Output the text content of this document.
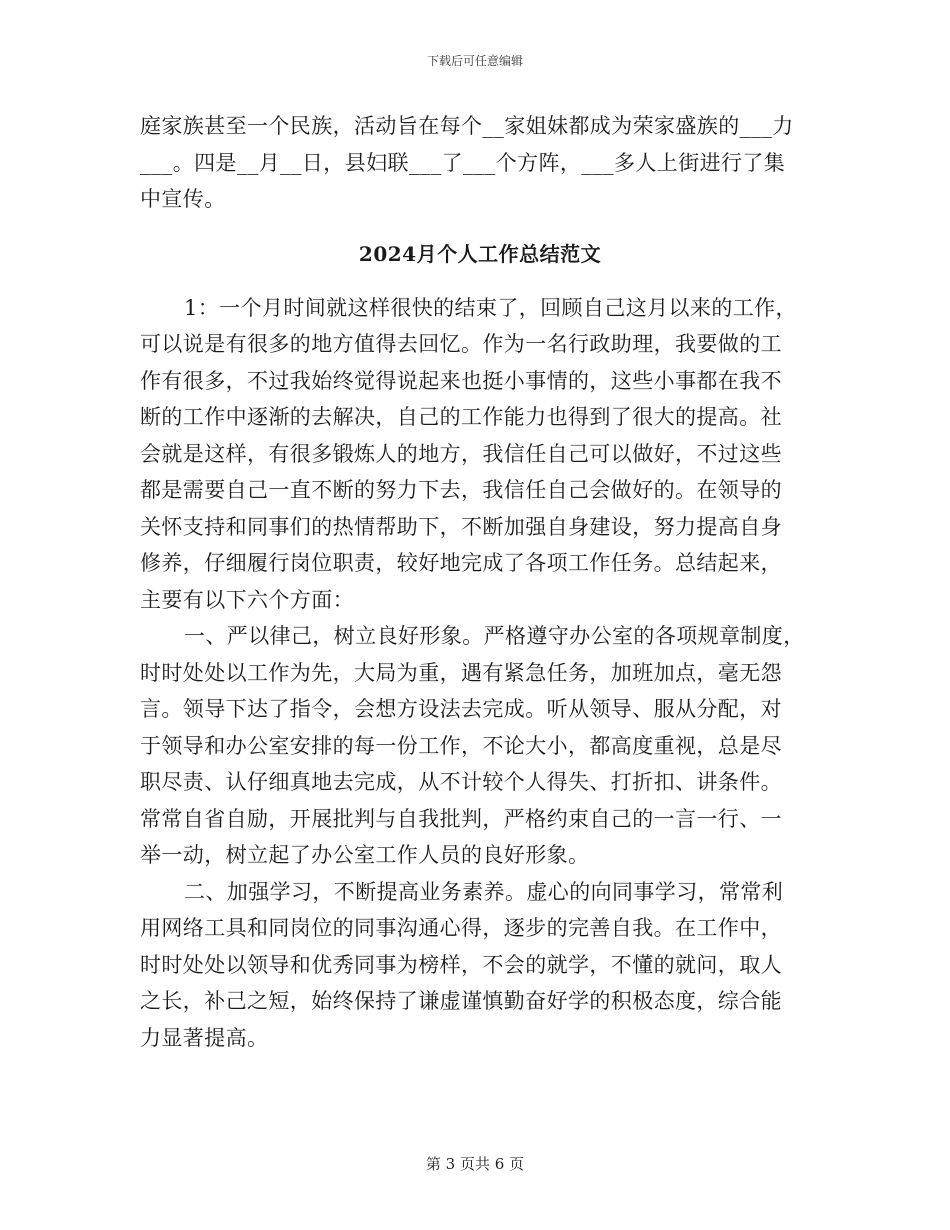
下载后可任意编辑
庭家族甚至一个民族，活动旨在每个__家姐妹都成为荣家盛族的___力
___。四是__月__日，县妇联___了___个方阵，___多人上街进行了集
中宣传。
2024月个人工作总结范文
1：一个月时间就这样很快的结束了，回顾自己这月以来的工作，
可以说是有很多的地方值得去回忆。作为一名行政助理，我要做的工
作有很多，不过我始终觉得说起来也挺小事情的，这些小事都在我不
断的工作中逐渐的去解决，自己的工作能力也得到了很大的提高。社
会就是这样，有很多锻炼人的地方，我信任自己可以做好，不过这些
都是需要自己一直不断的努力下去，我信任自己会做好的。在领导的
关怀支持和同事们的热情帮助下，不断加强自身建设，努力提高自身
修养，仔细履行岗位职责，较好地完成了各项工作任务。总结起来，
主要有以下六个方面：
一、严以律己，树立良好形象。严格遵守办公室的各项规章制度，
时时处处以工作为先，大局为重，遇有紧急任务，加班加点，毫无怨
言。领导下达了指令，会想方设法去完成。听从领导、服从分配，对
于领导和办公室安排的每一份工作，不论大小，都高度重视，总是尽
职尽责、认仔细真地去完成，从不计较个人得失、打折扣、讲条件。
常常自省自励，开展批判与自我批判，严格约束自己的一言一行、一
举一动，树立起了办公室工作人员的良好形象。
二、加强学习，不断提高业务素养。虚心的向同事学习，常常利
用网络工具和同岗位的同事沟通心得，逐步的完善自我。在工作中，
时时处处以领导和优秀同事为榜样，不会的就学，不懂的就问，取人
之长，补己之短，始终保持了谦虚谨慎勤奋好学的积极态度，综合能
力显著提高。
第 3 页共 6 页
